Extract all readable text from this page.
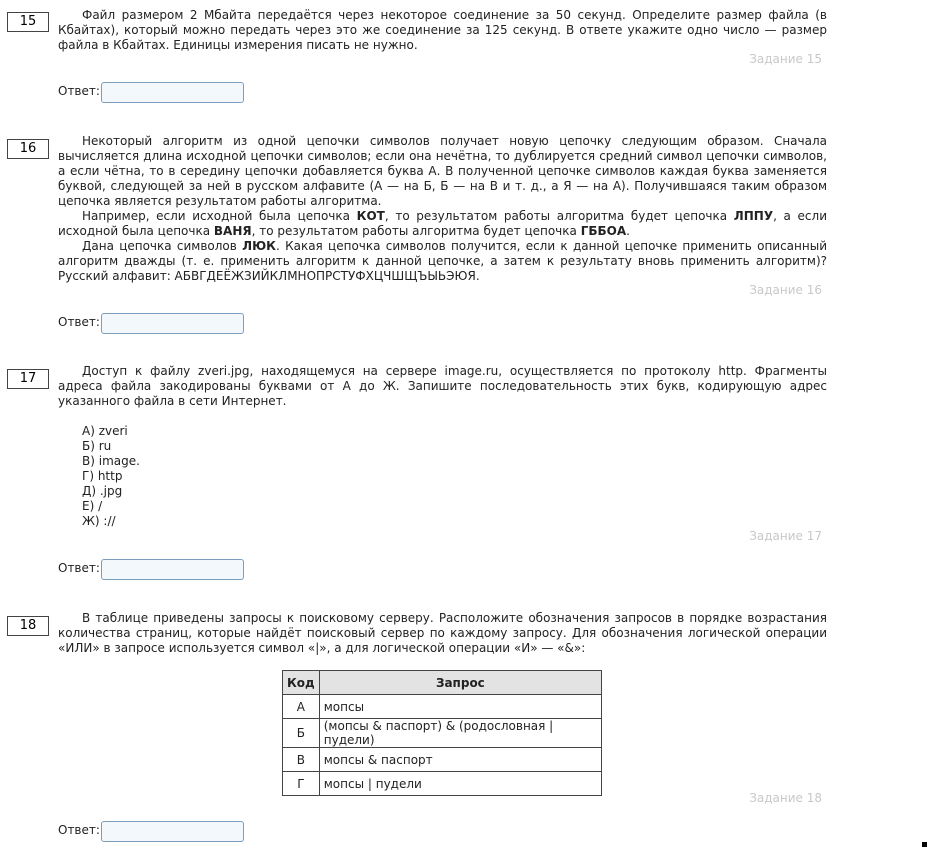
15	Файл размером 2 Мбайта передаётся через некоторое соединение за 50 секунд. Определите размер файла (в Кбайтах), который можно передать через это же соединение за 125 секунд. В ответе укажите одно число — размер файла в Кбайтах. Единицы измерения писать не нужно.

Задание 15
Ответ:
16	Некоторый алгоритм из одной цепочки символов получает новую цепочку следующим образом. Сначала вычисляется длина исходной цепочки символов; если она нечётна, то дублируется средний символ цепочки символов, а если чётна, то в середину цепочки добавляется буква А. В полученной цепочке символов каждая буква заменяется буквой, следующей за ней в русском алфавите (А — на Б, Б — на В и т. д., а Я — на А). Получившаяся таким образом цепочка является результатом работы алгоритма.

Например, если исходной была цепочка КОТ, то результатом работы алгоритма будет цепочка ЛППУ, а если исходной была цепочка ВАНЯ, то результатом работы алгоритма будет цепочка ГББОА.

Дана цепочка символов ЛЮК. Какая цепочка символов получится, если к данной цепочке применить описанный алгоритм дважды (т. е. применить алгоритм к данной цепочке, а затем к результату вновь применить алгоритм)? Русский алфавит: АБВГДЕЁЖЗИЙКЛМНОПРСТУФХЦЧШЩЪЫЬЭЮЯ.

Задание 16
Ответ:
17	Доступ к файлу zveri.jpg, находящемуся на сервере image.ru, осуществляется по протоколу http. Фрагменты адреса файла закодированы буквами от А до Ж. Запишите последовательность этих букв, кодирующую адрес указанного файла в сети Интернет.

А) zveri
Б) ru
В) image.
Г) http
Д) .jpg
Е) /
Ж) ://
Задание 17
Ответ:
18	В таблице приведены запросы к поисковому серверу. Расположите обозначения запросов в порядке возрастания количества страниц, которые найдёт поисковый сервер по каждому запросу. Для обозначения логической операции «ИЛИ» в запросе используется символ «|», а для логической операции «И» — «&»:

Код	Запрос
А	мопсы
Б	(мопсы & паспорт) & (родословная | пудели)
В	мопсы & паспорт
Г	мопсы | пудели
Задание 18
Ответ:
